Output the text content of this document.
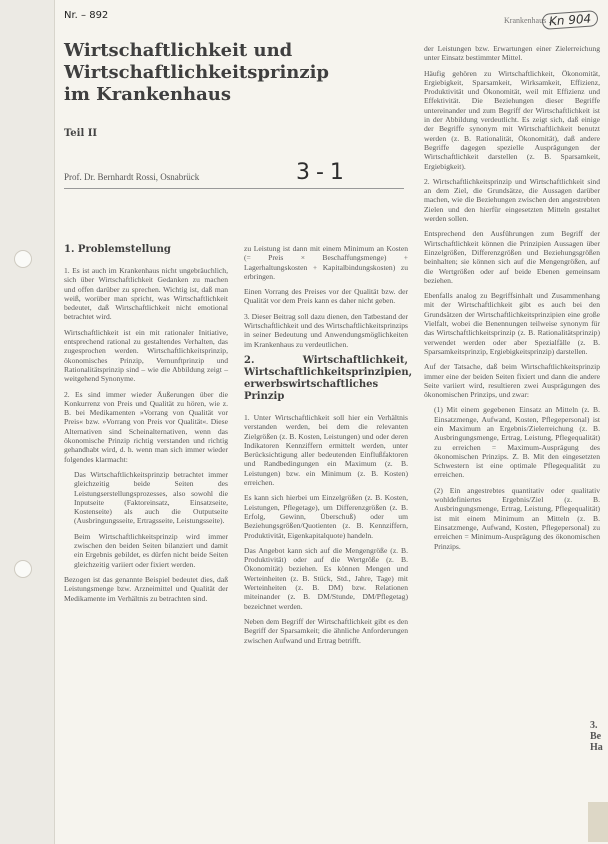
Nr. – 892	Krankenhaus …
Kn 904
Wirtschaftlichkeit und
Wirtschaftlichkeitsprinzip
im Krankenhaus
Teil II
Prof. Dr. Bernhardt Rossi, Osnabrück	3-1
1. Problemstellung

1. Es ist auch im Krankenhaus nicht ungebräuchlich, sich über Wirtschaftlichkeit Gedanken zu machen und offen darüber zu sprechen. Wichtig ist, daß man weiß, worüber man spricht, was Wirtschaftlichkeit bedeutet, daß Wirtschaftlichkeit nicht emotional betrachtet wird.

Wirtschaftlichkeit ist ein mit rationaler Initiative, entsprechend rational zu gestaltendes Verhalten, das zugesprochen werden. Wirtschaftlichkeitsprinzip, ökonomisches Prinzip, Vernunftprinzip und Rationalitätsprinzip sind – wie die Abbildung zeigt – weitgehend Synonyme.

2. Es sind immer wieder Äußerungen über die Konkurrenz von Preis und Qualität zu hören, wie z. B. bei Medikamenten »Vorrang von Qualität vor Preis« bzw. »Vorrang von Preis vor Qualität«. Diese Alternativen sind Scheinalternativen, wenn das ökonomische Prinzip richtig verstanden und richtig gehandhabt wird, d. h. wenn man sich immer wieder folgendes klarmacht:

Das Wirtschaftlichkeitsprinzip betrachtet immer gleichzeitig beide Seiten des Leistungserstellungsprozesses, also sowohl die Inputseite (Faktoreinsatz, Einsatzseite, Kostenseite) als auch die Outputseite (Ausbringungsseite, Ertragsseite, Leistungsseite).

Beim Wirtschaftlichkeitsprinzip wird immer zwischen den beiden Seiten bilanziert und damit ein Ergebnis gebildet, es dürfen nicht beide Seiten gleichzeitig variiert oder fixiert werden.

Bezogen ist das genannte Beispiel bedeutet dies, daß Leistungsmenge bzw. Arzneimittel und Qualität der Medikamente im Verhältnis zu betrachten sind.

zu Leistung ist dann mit einem Minimum an Kosten (= Preis × Beschaffungsmenge) + Lagerhaltungskosten + Kapitalbindungskosten) zu erbringen.

Einen Vorrang des Preises vor der Qualität bzw. der Qualität vor dem Preis kann es daher nicht geben.

3. Dieser Beitrag soll dazu dienen, den Tatbestand der Wirtschaftlichkeit und des Wirtschaftlichkeitsprinzips in seiner Bedeutung und Anwendungsmöglichkeiten im Krankenhaus zu verdeutlichen.

2. Wirtschaftlichkeit, Wirtschaftlichkeitsprinzipien, erwerbswirtschaftliches Prinzip

1. Unter Wirtschaftlichkeit soll hier ein Verhältnis verstanden werden, bei dem die relevanten Zielgrößen (z. B. Kosten, Leistungen) und oder deren Indikatoren Kennziffern ermittelt werden, unter Berücksichtigung aller bedeutenden Einflußfaktoren und Randbedingungen ein Maximum (z. B. Leistungen) bzw. ein Minimum (z. B. Kosten) erreichen.

Es kann sich hierbei um Einzelgrößen (z. B. Kosten, Leistungen, Pflegetage), um Differenzgrößen (z. B. Erfolg, Gewinn, Überschuß) oder um Beziehungsgrößen/Quotienten (z. B. Kennziffern, Produktivität, Eigenkapitalquote) handeln.

Das Angebot kann sich auf die Mengengröße (z. B. Produktivität) oder auf die Wertgröße (z. B. Ökonomität) beziehen. Es können Mengen und Werteinheiten (z. B. Stück, Std., Jahre, Tage) mit Werteinheiten (z. B. DM) bzw. Relationen miteinander (z. B. DM/Stunde, DM/Pflegetag) bezeichnet werden.

Neben dem Begriff der Wirtschaftlichkeit gibt es den Begriff der Sparsamkeit; die ähnliche Anforderungen zwischen Aufwand und Ertrag betrifft.

der Leistungen bzw. Erwartungen einer Zielerreichung unter Einsatz bestimmter Mittel.

Häufig gehören zu Wirtschaftlichkeit, Ökonomität, Ergiebigkeit, Sparsamkeit, Wirksamkeit, Effizienz, Produktivität und Ökonomität, weil mit Effizienz und Effektivität. Die Beziehungen dieser Begriffe untereinander und zum Begriff der Wirtschaftlichkeit ist in der Abbildung verdeutlicht. Es zeigt sich, daß einige der Begriffe synonym mit Wirtschaftlichkeit benutzt werden (z. B. Rationalität, Ökonomität), daß andere Begriffe dagegen spezielle Ausprägungen der Wirtschaftlichkeit darstellen (z. B. Sparsamkeit, Ergiebigkeit).

2. Wirtschaftlichkeitsprinzip und Wirtschaftlichkeit sind an dem Ziel, die Grundsätze, die Aussagen darüber machen, wie die Beziehungen zwischen den angestrebten Zielen und den hierfür eingesetzten Mitteln gestaltet werden sollen.

Entsprechend den Ausführungen zum Begriff der Wirtschaftlichkeit können die Prinzipien Aussagen über Einzelgrößen, Differenzgrößen und Beziehungsgrößen beinhalten; sie können sich auf die Mengengrößen, auf die Wertgrößen oder auf beide Ebenen gemeinsam beziehen.

Ebenfalls analog zu Begriffsinhalt und Zusammenhang mit der Wirtschaftlichkeit gibt es auch bei den Grundsätzen der Wirtschaftlichkeitsprinzipien eine große Vielfalt, wobei die Benennungen teilweise synonym für das Wirtschaftlichkeitsprinzip (z. B. Rationalitätsprinzip) verwendet werden oder aber Spezialfälle (z. B. Sparsamkeitsprinzip, Ergiebigkeitsprinzip) darstellen.

Auf der Tatsache, daß beim Wirtschaftlichkeitsprinzip immer eine der beiden Seiten fixiert und dann die andere Seite variiert wird, resultieren zwei Ausprägungen des ökonomischen Prinzips, und zwar:

(1) Mit einem gegebenen Einsatz an Mitteln (z. B. Einsatzmenge, Aufwand, Kosten, Pflegepersonal) ist ein Maximum an Ergebnis/Zielerreichung (z. B. Ausbringungsmenge, Ertrag, Leistung, Pflegequalität) zu erreichen = Maximum-Ausprägung des ökonomischen Prinzips. Z. B. Mit den eingesetzten Schwestern ist eine optimale Pflegequalität zu erreichen.

(2) Ein angestrebtes quantitativ oder qualitativ wohldefiniertes Ergebnis/Ziel (z. B. Ausbringungsmenge, Ertrag, Leistung, Pflegequalität) ist mit einem Minimum an Mitteln (z. B. Einsatzmenge, Aufwand, Kosten, Pflegepersonal) zu erreichen = Minimum-Ausprägung des ökonomischen Prinzips.

3. Be Ha
